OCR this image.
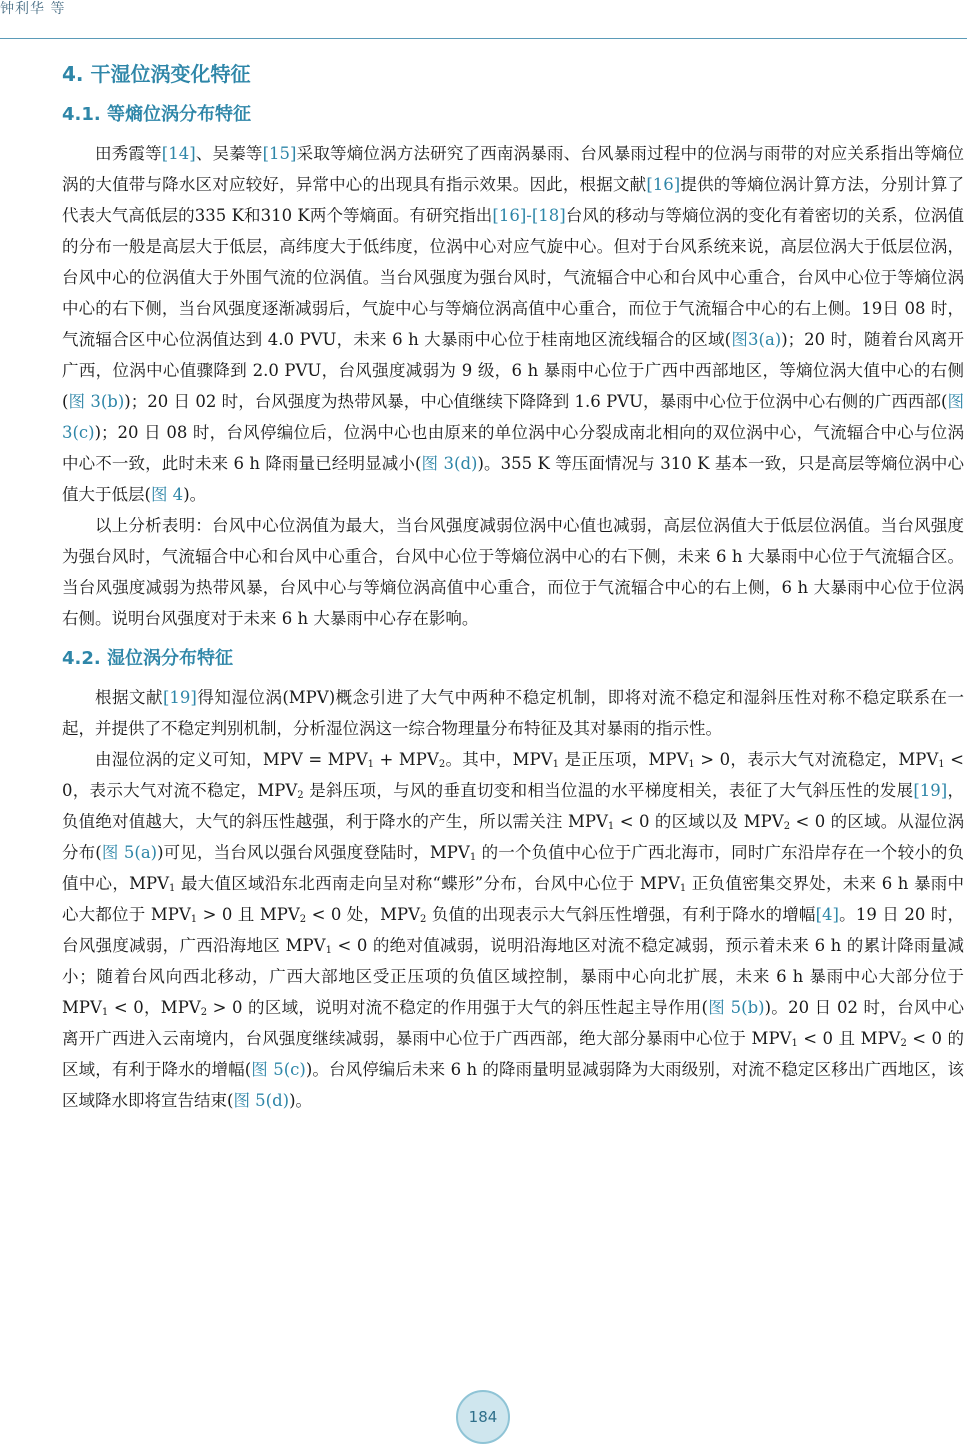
钟利华 等
4. 干湿位涡变化特征
4.1. 等熵位涡分布特征

田秀霞等[14]、吴蓁等[15]采取等熵位涡方法研究了西南涡暴雨、台风暴雨过程中的位涡与雨带的对应关系指出等熵位涡的大值带与降水区对应较好，异常中心的出现具有指示效果。因此，根据文献[16]提供的等熵位涡计算方法，分别计算了代表大气高低层的335 K和310 K两个等熵面。有研究指出[16]-[18]台风的移动与等熵位涡的变化有着密切的关系，位涡值的分布一般是高层大于低层，高纬度大于低纬度，位涡中心对应气旋中心。但对于台风系统来说，高层位涡大于低层位涡，台风中心的位涡值大于外围气流的位涡值。当台风强度为强台风时，气流辐合中心和台风中心重合，台风中心位于等熵位涡中心的右下侧，当台风强度逐渐减弱后，气旋中心与等熵位涡高值中心重合，而位于气流辐合中心的右上侧。19日 08 时，气流辐合区中心位涡值达到 4.0 PVU，未来 6 h 大暴雨中心位于桂南地区流线辐合的区域(图3(a))；20 时，随着台风离开广西，位涡中心值骤降到 2.0 PVU，台风强度减弱为 9 级，6 h 暴雨中心位于广西中西部地区，等熵位涡大值中心的右侧(图 3(b))；20 日 02 时，台风强度为热带风暴，中心值继续下降降到 1.6 PVU，暴雨中心位于位涡中心右侧的广西西部(图 3(c))；20 日 08 时，台风停编位后，位涡中心也由原来的单位涡中心分裂成南北相向的双位涡中心，气流辐合中心与位涡中心不一致，此时未来 6 h 降雨量已经明显减小(图 3(d))。355 K 等压面情况与 310 K 基本一致，只是高层等熵位涡中心值大于低层(图 4)。

以上分析表明：台风中心位涡值为最大，当台风强度减弱位涡中心值也减弱，高层位涡值大于低层位涡值。当台风强度为强台风时，气流辐合中心和台风中心重合，台风中心位于等熵位涡中心的右下侧，未来 6 h 大暴雨中心位于气流辐合区。当台风强度减弱为热带风暴，台风中心与等熵位涡高值中心重合，而位于气流辐合中心的右上侧，6 h 大暴雨中心位于位涡右侧。说明台风强度对于未来 6 h 大暴雨中心存在影响。

4.2. 湿位涡分布特征

根据文献[19]得知湿位涡(MPV)概念引进了大气中两种不稳定机制，即将对流不稳定和湿斜压性对称不稳定联系在一起，并提供了不稳定判别机制，分析湿位涡这一综合物理量分布特征及其对暴雨的指示性。

由湿位涡的定义可知，MPV = $MPV_1 + MPV_2$。其中，$MPV_1$ 是正压项，$MPV_1 > 0$，表示大气对流稳定，$MPV_1 < 0$，表示大气对流不稳定，$MPV_2$ 是斜压项，与风的垂直切变和相当位温的水平梯度相关，表征了大气斜压性的发展[19]，负值绝对值越大，大气的斜压性越强，利于降水的产生，所以需关注 $MPV_1 < 0$ 的区域以及 $MPV_2 < 0$ 的区域。从湿位涡分布(图 5(a))可见，当台风以强台风强度登陆时，$MPV_1$ 的一个负值中心位于广西北海市，同时广东沿岸存在一个较小的负值中心，$MPV_1$ 最大值区域沿东北西南走向呈对称“蝶形”分布，台风中心位于 $MPV_1$ 正负值密集交界处，未来 6 h 暴雨中心大都位于 $MPV_1 > 0$ 且 $MPV_2 < 0$ 处，$MPV_2$ 负值的出现表示大气斜压性增强，有利于降水的增幅[4]。19 日 20 时，台风强度减弱，广西沿海地区 $MPV_1 < 0$ 的绝对值减弱，说明沿海地区对流不稳定减弱，预示着未来 6 h 的累计降雨量减小；随着台风向西北移动，广西大部地区受正压项的负值区域控制，暴雨中心向北扩展，未来 6 h 暴雨中心大部分位于 $MPV_1 < 0$，$MPV_2 > 0$ 的区域，说明对流不稳定的作用强于大气的斜压性起主导作用(图 5(b))。20 日 02 时，台风中心离开广西进入云南境内，台风强度继续减弱，暴雨中心位于广西西部，绝大部分暴雨中心位于 $MPV_1 < 0$ 且 $MPV_2 < 0$ 的区域，有利于降水的增幅(图 5(c))。台风停编后未来 6 h 的降雨量明显减弱降为大雨级别，对流不稳定区移出广西地区，该区域降水即将宣告结束(图 5(d))。

184
